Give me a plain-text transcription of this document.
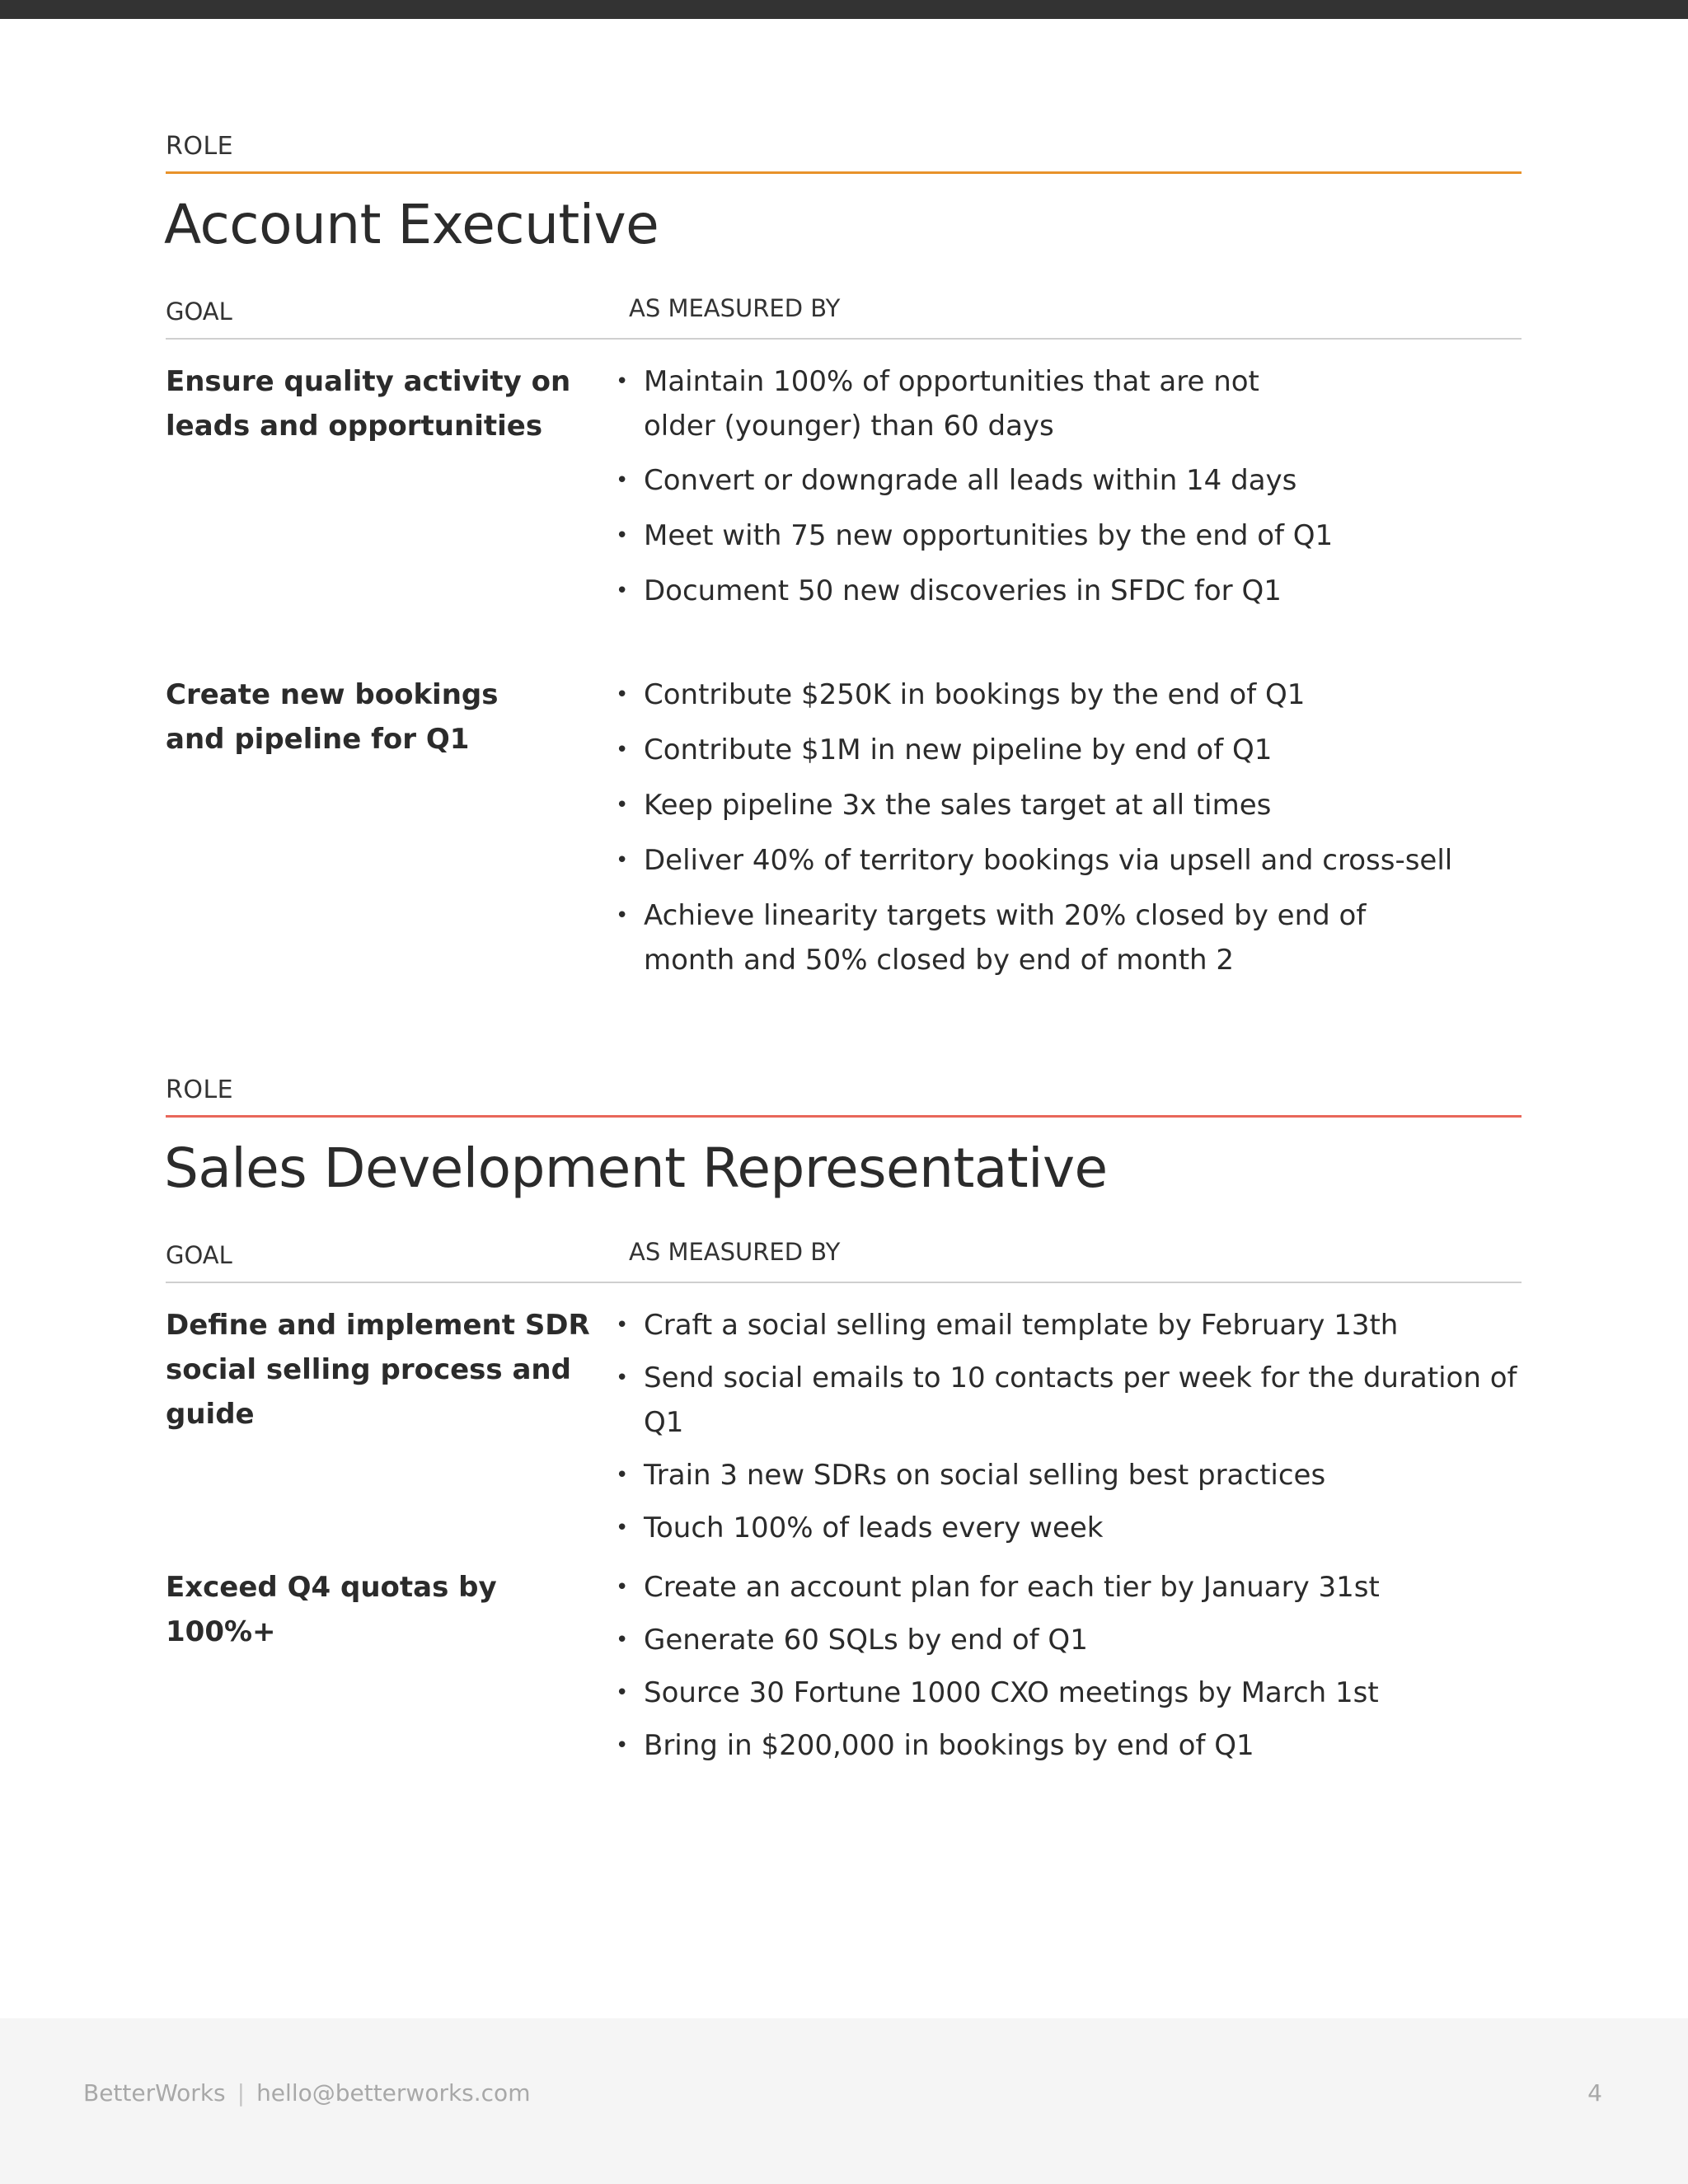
ROLE
Account Executive
GOAL	AS MEASURED BY
Ensure quality activity on leads and opportunities
• Maintain 100% of opportunities that are not older (younger) than 60 days
• Convert or downgrade all leads within 14 days
• Meet with 75 new opportunities by the end of Q1
• Document 50 new discoveries in SFDC for Q1
Create new bookings and pipeline for Q1
• Contribute $250K in bookings by the end of Q1
• Contribute $1M in new pipeline by end of Q1
• Keep pipeline 3x the sales target at all times
• Deliver 40% of territory bookings via upsell and cross-sell
• Achieve linearity targets with 20% closed by end of month and 50% closed by end of month 2
ROLE
Sales Development Representative
GOAL	AS MEASURED BY
Define and implement SDR social selling process and guide
• Craft a social selling email template by February 13th
• Send social emails to 10 contacts per week for the duration of Q1
• Train 3 new SDRs on social selling best practices
• Touch 100% of leads every week
Exceed Q4 quotas by 100%+
• Create an account plan for each tier by January 31st
• Generate 60 SQLs by end of Q1
• Source 30 Fortune 1000 CXO meetings by March 1st
• Bring in $200,000 in bookings by end of Q1
BetterWorks | hello@betterworks.com	4
